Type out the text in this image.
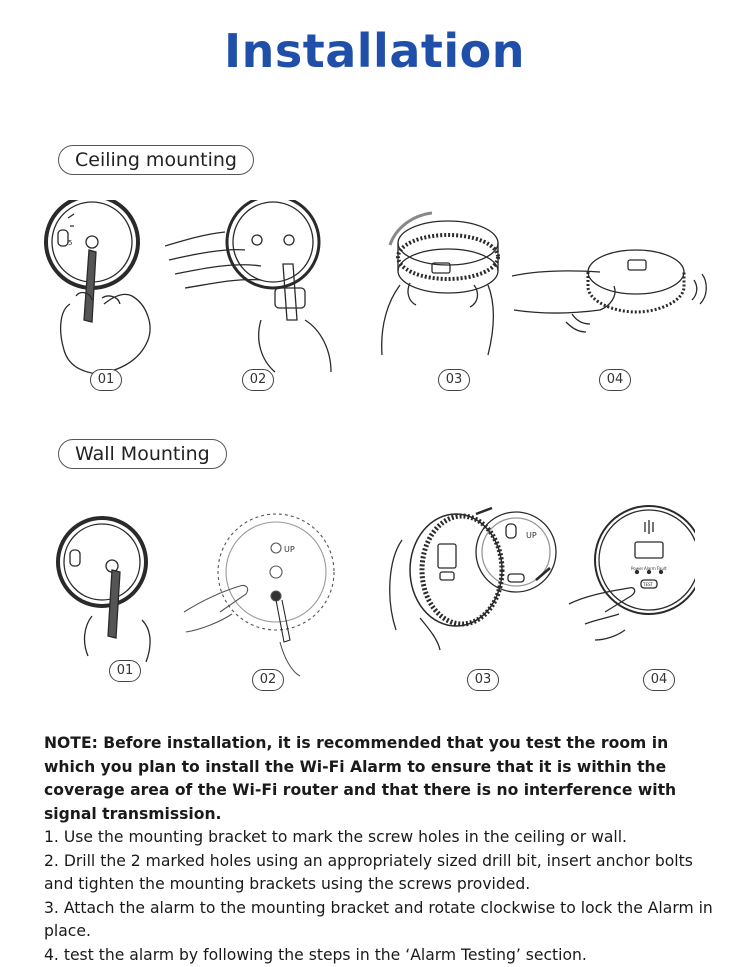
Installation
Ceiling mounting
5
01	02	03	04
Wall Mounting
01
UP
02
UP
03
Power Alarm Fault
TEST
04

NOTE: Before installation, it is recommended that you test the room in which you plan to install the Wi-Fi Alarm to ensure that it is within the coverage area of the Wi-Fi router and that there is no interference with signal transmission.

1. Use the mounting bracket to mark the screw holes in the ceiling or wall.

2. Drill the 2 marked holes using an appropriately sized drill bit, insert anchor bolts and tighten the mounting brackets using the screws provided.

3. Attach the alarm to the mounting bracket and rotate clockwise to lock the Alarm in place.

4. test the alarm by following the steps in the ‘Alarm Testing’ section.
